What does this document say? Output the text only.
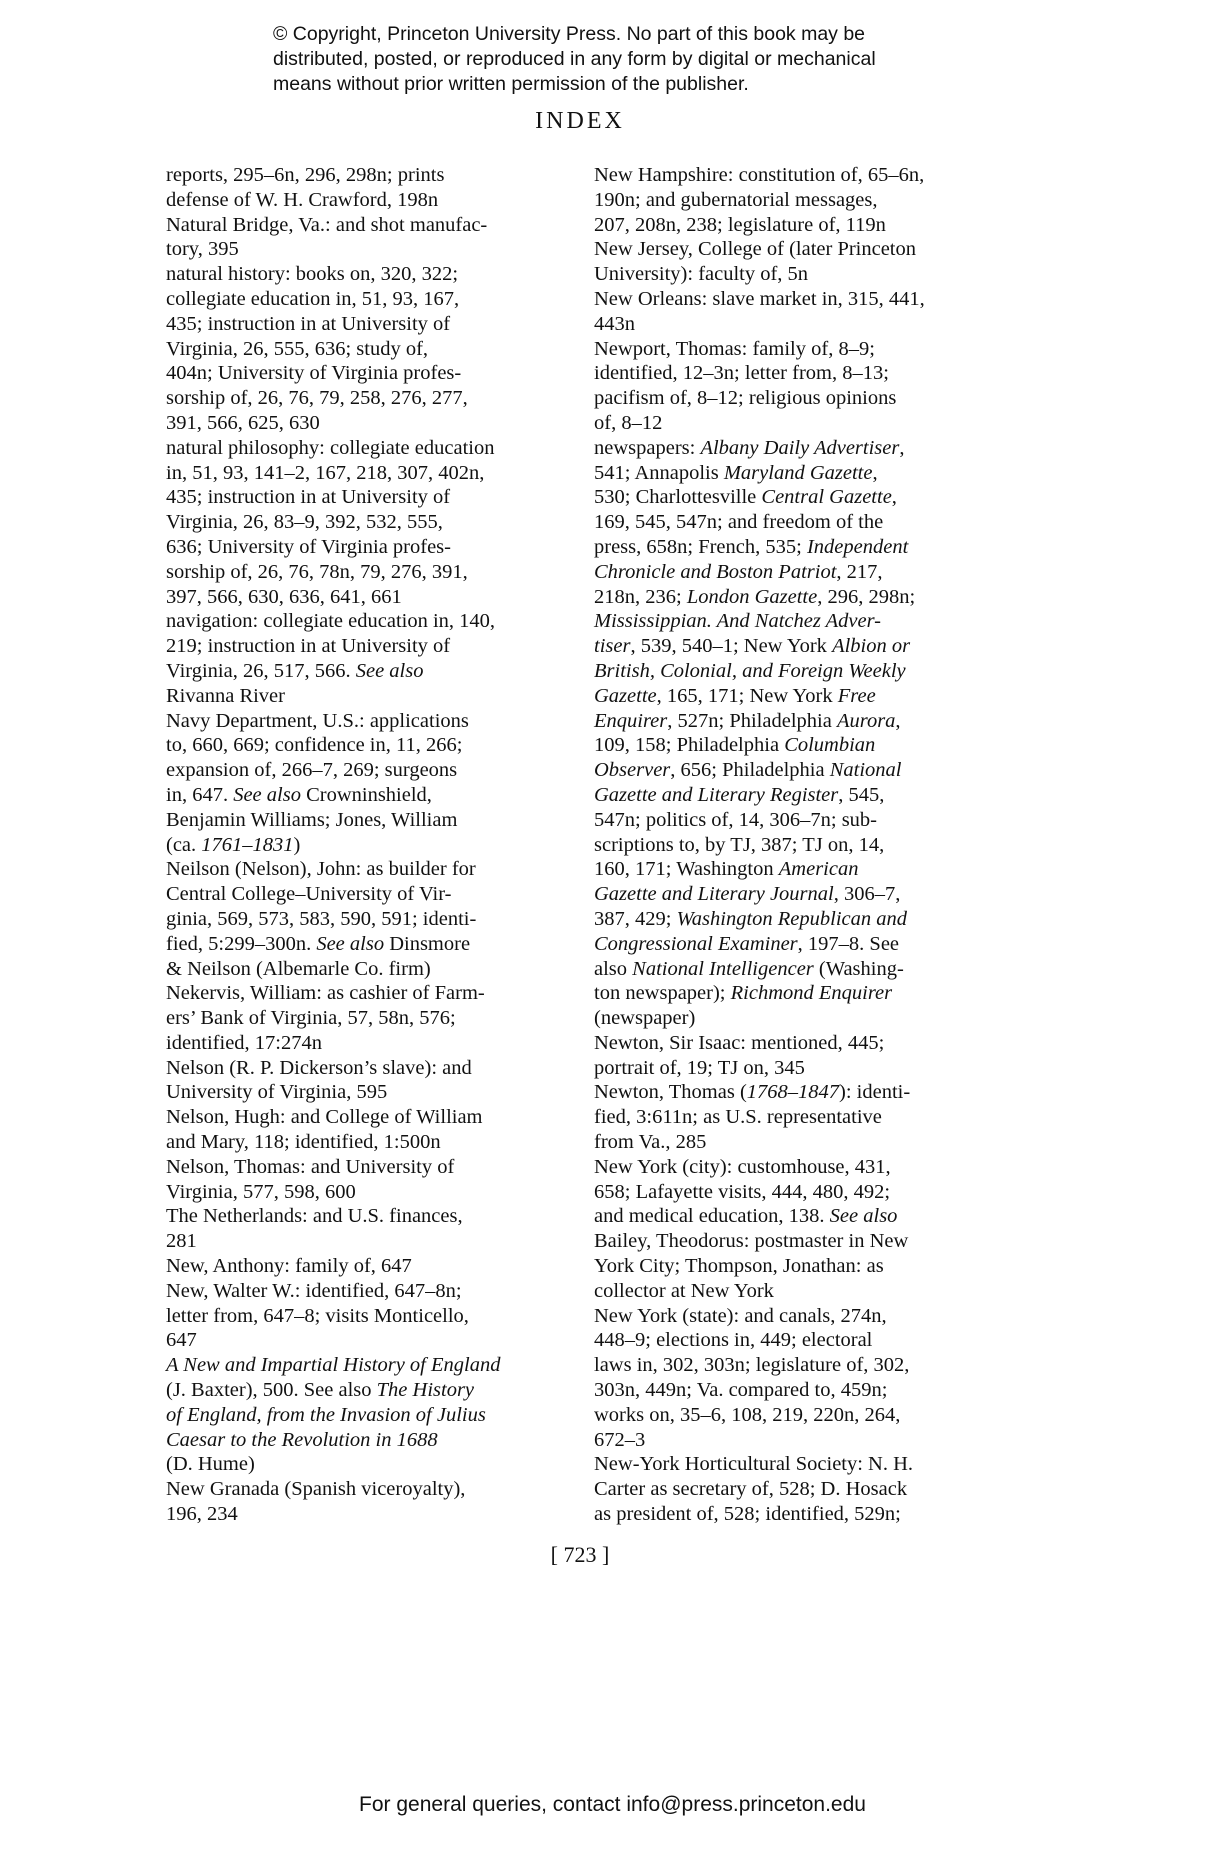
© Copyright, Princeton University Press. No part of this book may be
distributed, posted, or reproduced in any form by digital or mechanical
means without prior written permission of the publisher.
INDEX
reports, 295–6n, 296, 298n; prints
defense of W. H. Crawford, 198n
Natural Bridge, Va.: and shot manufac-
tory, 395
natural history: books on, 320, 322;
collegiate education in, 51, 93, 167,
435; instruction in at University of
Virginia, 26, 555, 636; study of,
404n; University of Virginia profes-
sorship of, 26, 76, 79, 258, 276, 277,
391, 566, 625, 630
natural philosophy: collegiate education
in, 51, 93, 141–2, 167, 218, 307, 402n,
435; instruction in at University of
Virginia, 26, 83–9, 392, 532, 555,
636; University of Virginia profes-
sorship of, 26, 76, 78n, 79, 276, 391,
397, 566, 630, 636, 641, 661
navigation: collegiate education in, 140,
219; instruction in at University of
Virginia, 26, 517, 566. See also
Rivanna River
Navy Department, U.S.: applications
to, 660, 669; confidence in, 11, 266;
expansion of, 266–7, 269; surgeons
in, 647. See also Crowninshield,
Benjamin Williams; Jones, William
(ca. 1761–1831)
Neilson (Nelson), John: as builder for
Central College–University of Vir-
ginia, 569, 573, 583, 590, 591; identi-
fied, 5:299–300n. See also Dinsmore
& Neilson (Albemarle Co. firm)
Nekervis, William: as cashier of Farm-
ers’ Bank of Virginia, 57, 58n, 576;
identified, 17:274n
Nelson (R. P. Dickerson’s slave): and
University of Virginia, 595
Nelson, Hugh: and College of William
and Mary, 118; identified, 1:500n
Nelson, Thomas: and University of
Virginia, 577, 598, 600
The Netherlands: and U.S. finances,
281
New, Anthony: family of, 647
New, Walter W.: identified, 647–8n;
letter from, 647–8; visits Monticello,
647
A New and Impartial History of England
(J. Baxter), 500. See also The History
of England, from the Invasion of Julius
Caesar to the Revolution in 1688
(D. Hume)
New Granada (Spanish viceroyalty),
196, 234
New Hampshire: constitution of, 65–6n,
190n; and gubernatorial messages,
207, 208n, 238; legislature of, 119n
New Jersey, College of (later Princeton
University): faculty of, 5n
New Orleans: slave market in, 315, 441,
443n
Newport, Thomas: family of, 8–9;
identified, 12–3n; letter from, 8–13;
pacifism of, 8–12; religious opinions
of, 8–12
newspapers: Albany Daily Advertiser,
541; Annapolis Maryland Gazette,
530; Charlottesville Central Gazette,
169, 545, 547n; and freedom of the
press, 658n; French, 535; Independent
Chronicle and Boston Patriot, 217,
218n, 236; London Gazette, 296, 298n;
Mississippian. And Natchez Adver-
tiser, 539, 540–1; New York Albion or
British, Colonial, and Foreign Weekly
Gazette, 165, 171; New York Free
Enquirer, 527n; Philadelphia Aurora,
109, 158; Philadelphia Columbian
Observer, 656; Philadelphia National
Gazette and Literary Register, 545,
547n; politics of, 14, 306–7n; sub-
scriptions to, by TJ, 387; TJ on, 14,
160, 171; Washington American
Gazette and Literary Journal, 306–7,
387, 429; Washington Republican and
Congressional Examiner, 197–8. See
also National Intelligencer (Washing-
ton newspaper); Richmond Enquirer
(newspaper)
Newton, Sir Isaac: mentioned, 445;
portrait of, 19; TJ on, 345
Newton, Thomas (1768–1847): identi-
fied, 3:611n; as U.S. representative
from Va., 285
New York (city): customhouse, 431,
658; Lafayette visits, 444, 480, 492;
and medical education, 138. See also
Bailey, Theodorus: postmaster in New
York City; Thompson, Jonathan: as
collector at New York
New York (state): and canals, 274n,
448–9; elections in, 449; electoral
laws in, 302, 303n; legislature of, 302,
303n, 449n; Va. compared to, 459n;
works on, 35–6, 108, 219, 220n, 264,
672–3
New-York Horticultural Society: N. H.
Carter as secretary of, 528; D. Hosack
as president of, 528; identified, 529n;
[ 723 ]
For general queries, contact info@press.princeton.edu
